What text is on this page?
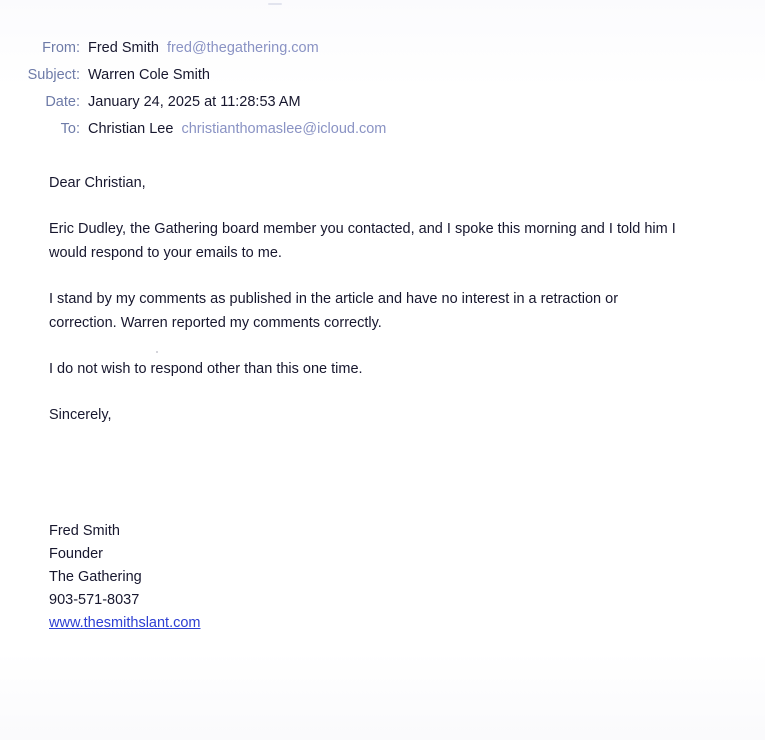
From: Fred Smith fred@thegathering.com
Subject: Warren Cole Smith
Date: January 24, 2025 at 11:28:53 AM
To: Christian Lee christianthomaslee@icloud.com

Dear Christian,

Eric Dudley, the Gathering board member you contacted, and I spoke this morning and I told him I
would respond to your emails to me.

I stand by my comments as published in the article and have no interest in a retraction or
correction. Warren reported my comments correctly.

I do not wish to respond other than this one time.

Sincerely,

Fred Smith
Founder
The Gathering
903-571-8037
www.thesmithslant.com
